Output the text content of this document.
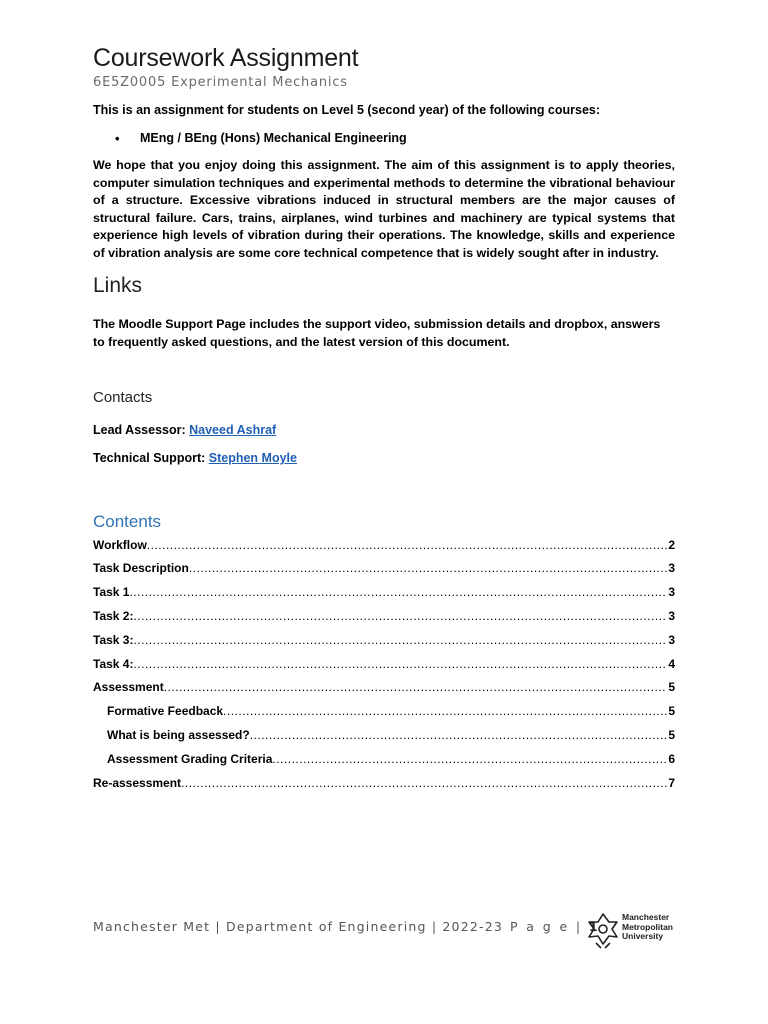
Coursework Assignment
6E5Z0005 Experimental Mechanics
This is an assignment for students on Level 5 (second year) of the following courses:
• MEng / BEng (Hons) Mechanical Engineering
We hope that you enjoy doing this assignment. The aim of this assignment is to apply theories, computer simulation techniques and experimental methods to determine the vibrational behaviour of a structure. Excessive vibrations induced in structural members are the major causes of structural failure. Cars, trains, airplanes, wind turbines and machinery are typical systems that experience high levels of vibration during their operations. The knowledge, skills and experience of vibration analysis are some core technical competence that is widely sought after in industry.
Links
The Moodle Support Page includes the support video, submission details and dropbox, answers to frequently asked questions, and the latest version of this document.
Contacts
Lead Assessor: Naveed Ashraf
Technical Support: Stephen Moyle
Contents
Workflow .....	2
Task Description .....	3
Task 1 .....	3
Task 2: .....	3
Task 3: .....	3
Task 4: .....	4
Assessment .....	5
Formative Feedback .....	5
What is being assessed? .....	5
Assessment Grading Criteria .....	6
Re-assessment .....	7
Manchester Met | Department of Engineering | 2022-23 P a g e | 1
Manchester
Metropolitan
University
